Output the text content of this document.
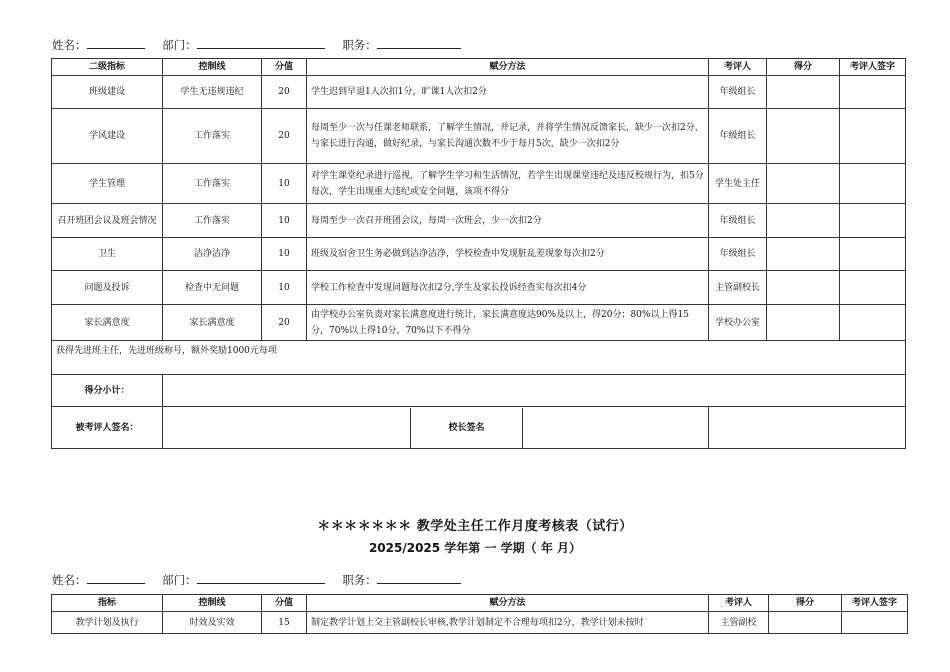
姓名：	部门：	职务：
二级指标	控制线	分值	赋分方法	考评人	得分	考评人签字
班级建设	学生无违规违纪	20	学生迟到早退1人次扣1分，旷课1人次扣2分	年级组长		
学风建设	工作落实	20	每周至少一次与任课老师联系，了解学生情况，并记录，并将学生情况反馈家长，缺少一次扣2分，与家长进行沟通，做好纪录，与家长沟通次数不少于每月5次，缺少一次扣2分	年级组长		
学生管理	工作落实	10	对学生课堂纪录进行巡视，了解学生学习和生活情况，若学生出现课堂违纪及违反校规行为，扣5分每次，学生出现重大违纪或安全问题，该项不得分	学生处主任		
召开班团会议及班会情况	工作落实	10	每周至少一次召开班团会议，每周一次班会，少一次扣2分	年级组长		
卫生	洁净洁净	10	班级及宿舍卫生务必做到洁净洁净，学校检查中发现脏乱差现象每次扣2分	年级组长		
问题及投诉	检查中无问题	10	学校工作检查中发现问题每次扣2分,学生及家长投诉经查实每次扣4分	主管副校长		
家长满意度	家长满意度	20	由学校办公室负责对家长满意度进行统计，家长满意度达90%及以上，得20分；80%以上得15分，70%以上得10分，70%以下不得分	学校办公室		
获得先进班主任，先进班级称号，额外奖励1000元每项						
得分小计：						
被考评人签名：	校长签名					

＊＊＊＊＊＊＊ 教学处主任工作月度考核表（试行）
2025/2025 学年第 一 学期（ 年 月）
姓名：	部门：	职务：
指标	控制线	分值	赋分方法	考评人	得分	考评人签字
教学计划及执行	时效及实效	15	制定教学计划上交主管副校长审核,教学计划制定不合理每项扣2分，教学计划未按时	主管副校		
